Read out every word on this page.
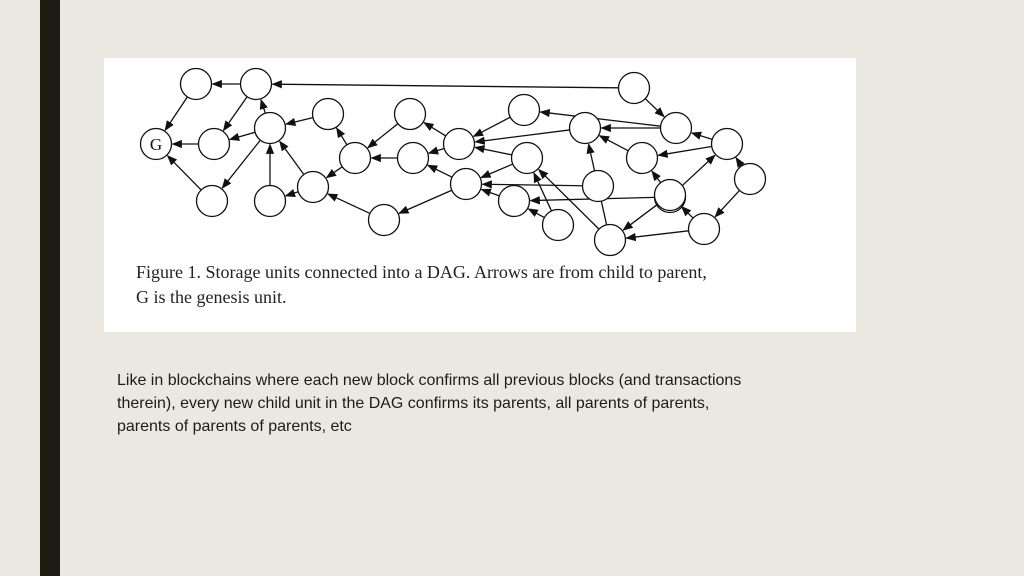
G

Figure 1. Storage units connected into a DAG. Arrows are from child to parent,
G is the genesis unit.

Like in blockchains where each new block confirms all previous blocks (and transactions
therein), every new child unit in the DAG confirms its parents, all parents of parents,
parents of parents of parents, etc
